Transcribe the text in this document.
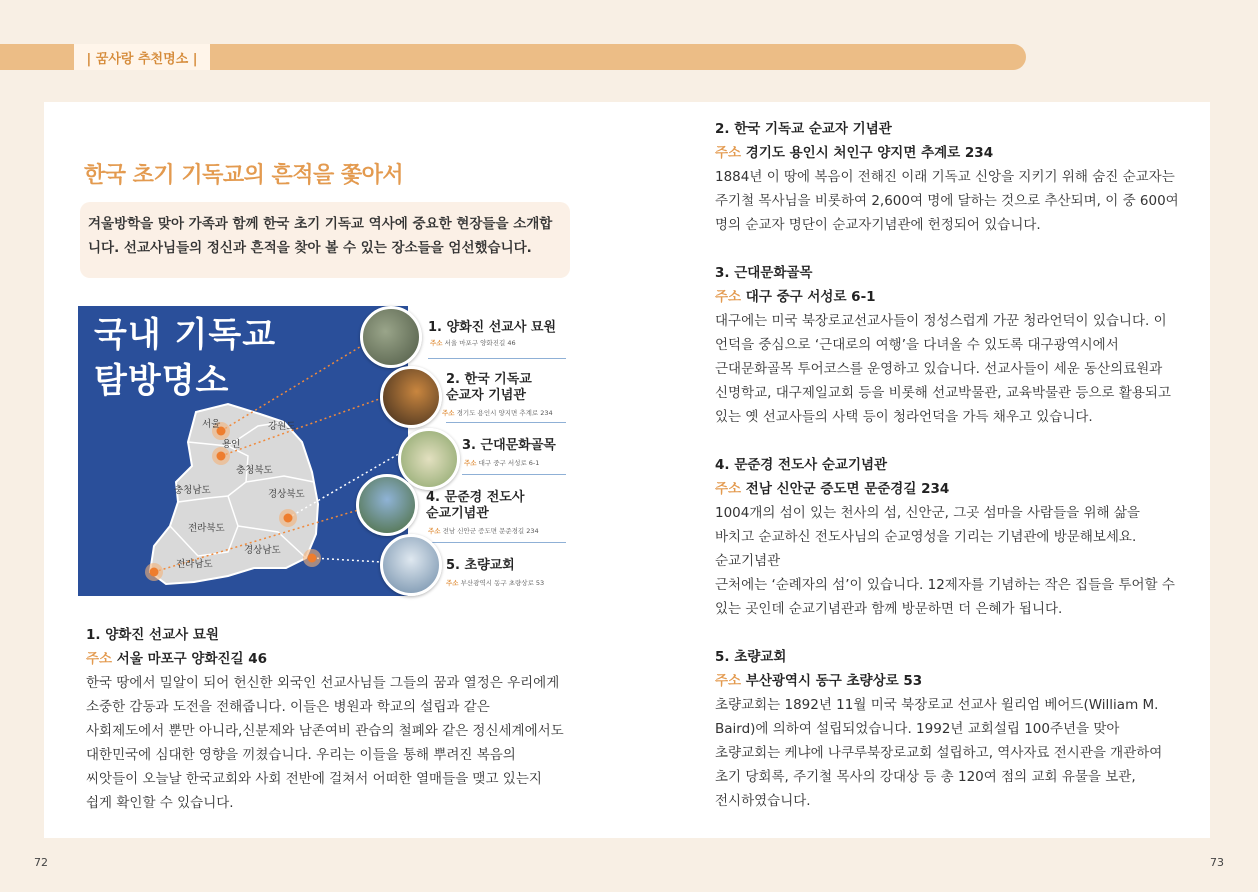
| 꿈사랑 추천명소 |
72	73
한국 초기 기독교의 흔적을 쫓아서
겨울방학을 맞아 가족과 함께 한국 초기 기독교 역사에 중요한 현장들을 소개합니다. 선교사님들의 정신과 흔적을 찾아 볼 수 있는 장소들을 엄선했습니다.
국내 기독교
탐방명소
서울	강원도
용인
충청북도
충청남도	경상북도
전라북도
경상남도
전라남도
1. 양화진 선교사 묘원
주소 서울 마포구 양화진길 46
2. 한국 기독교
순교자 기념관
주소 경기도 용인시 양지면 추계로 234
3. 근대문화골목
주소 대구 중구 서성로 6-1
4. 문준경 전도사
순교기념관
주소 전남 신안군 증도면 문준경길 234
5. 초량교회
주소 부산광역시 동구 초량상로 53
1. 양화진 선교사 묘원
주소 서울 마포구 양화진길 46
한국 땅에서 밀알이 되어 헌신한 외국인 선교사님들 그들의 꿈과 열정은 우리에게 소중한 감동과 도전을 전해줍니다. 이들은 병원과 학교의 설립과 같은 사회제도에서 뿐만 아니라,신분제와 남존여비 관습의 철폐와 같은 정신세계에서도 대한민국에 심대한 영향을 끼쳤습니다. 우리는 이들을 통해 뿌려진 복음의 씨앗들이 오늘날 한국교회와 사회 전반에 걸쳐서 어떠한 열매들을 맺고 있는지 쉽게 확인할 수 있습니다.
2. 한국 기독교 순교자 기념관
주소 경기도 용인시 처인구 양지면 추계로 234
1884년 이 땅에 복음이 전해진 이래 기독교 신앙을 지키기 위해 숨진 순교자는 주기철 목사님을 비롯하여 2,600여 명에 달하는 것으로 추산되며, 이 중 600여 명의 순교자 명단이 순교자기념관에 헌정되어 있습니다.
3. 근대문화골목
주소 대구 중구 서성로 6-1
대구에는 미국 북장로교선교사들이 정성스럽게 가꾼 청라언덕이 있습니다. 이 언덕을 중심으로 ‘근대로의 여행’을 다녀올 수 있도록 대구광역시에서 근대문화골목 투어코스를 운영하고 있습니다. 선교사들이 세운 동산의료원과 신명학교, 대구제일교회 등을 비롯해 선교박물관, 교육박물관 등으로 활용되고 있는 옛 선교사들의 사택 등이 청라언덕을 가득 채우고 있습니다.
4. 문준경 전도사 순교기념관
주소 전남 신안군 증도면 문준경길 234
1004개의 섬이 있는 천사의 섬, 신안군, 그곳 섬마을 사람들을 위해 삶을 바치고 순교하신 전도사님의 순교영성을 기리는 기념관에 방문해보세요. 순교기념관
근처에는 ‘순례자의 섬’이 있습니다. 12제자를 기념하는 작은 집들을 투어할 수 있는 곳인데 순교기념관과 함께 방문하면 더 은혜가 됩니다.
5. 초량교회
주소 부산광역시 동구 초량상로 53
초량교회는 1892년 11월 미국 북장로교 선교사 윌리엄 베어드(William M. Baird)에 의하여 설립되었습니다. 1992년 교회설립 100주년을 맞아 초량교회는 케냐에 나쿠루북장로교회 설립하고, 역사자료 전시관을 개관하여 초기 당회록, 주기철 목사의 강대상 등 총 120여 점의 교회 유물을 보관, 전시하였습니다.
